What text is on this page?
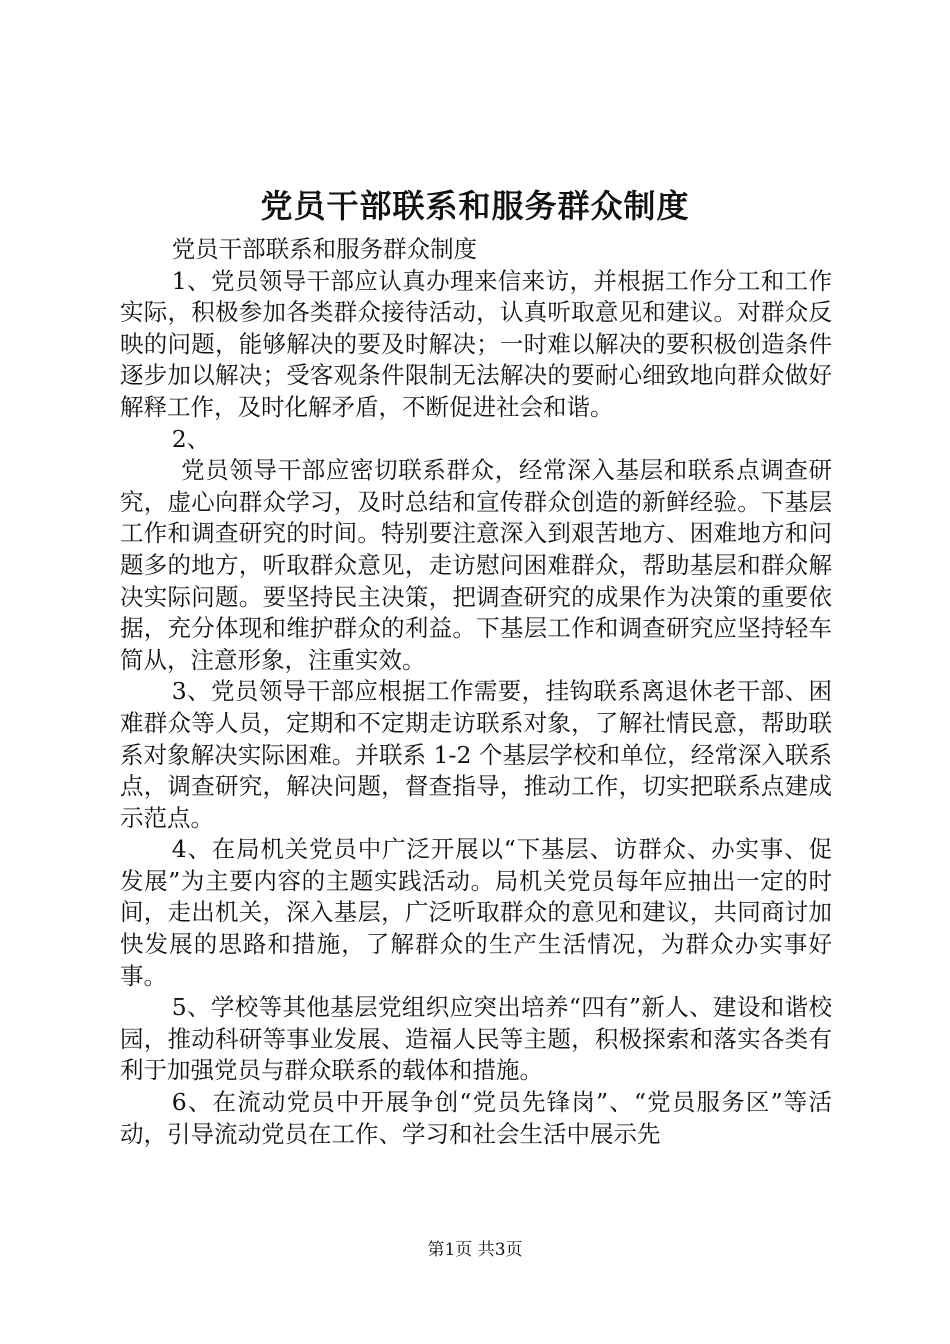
党员干部联系和服务群众制度

党员干部联系和服务群众制度

1、党员领导干部应认真办理来信来访，并根据工作分工和工作实际，积极参加各类群众接待活动，认真听取意见和建议。对群众反映的问题，能够解决的要及时解决；一时难以解决的要积极创造条件逐步加以解决；受客观条件限制无法解决的要耐心细致地向群众做好解释工作，及时化解矛盾，不断促进社会和谐。

2、

党员领导干部应密切联系群众，经常深入基层和联系点调查研究，虚心向群众学习，及时总结和宣传群众创造的新鲜经验。下基层工作和调查研究的时间。特别要注意深入到艰苦地方、困难地方和问题多的地方，听取群众意见，走访慰问困难群众，帮助基层和群众解决实际问题。要坚持民主决策，把调查研究的成果作为决策的重要依据，充分体现和维护群众的利益。下基层工作和调查研究应坚持轻车简从，注意形象，注重实效。

3、党员领导干部应根据工作需要，挂钩联系离退休老干部、困难群众等人员，定期和不定期走访联系对象，了解社情民意，帮助联系对象解决实际困难。并联系 1-2 个基层学校和单位，经常深入联系点，调查研究，解决问题，督查指导，推动工作，切实把联系点建成示范点。

4、在局机关党员中广泛开展以“下基层、访群众、办实事、促发展”为主要内容的主题实践活动。局机关党员每年应抽出一定的时间，走出机关，深入基层，广泛听取群众的意见和建议，共同商讨加快发展的思路和措施，了解群众的生产生活情况，为群众办实事好事。

5、学校等其他基层党组织应突出培养“四有”新人、建设和谐校园，推动科研等事业发展、造福人民等主题，积极探索和落实各类有利于加强党员与群众联系的载体和措施。

6、在流动党员中开展争创“党员先锋岗”、“党员服务区”等活动，引导流动党员在工作、学习和社会生活中展示先

第1页 共3页
